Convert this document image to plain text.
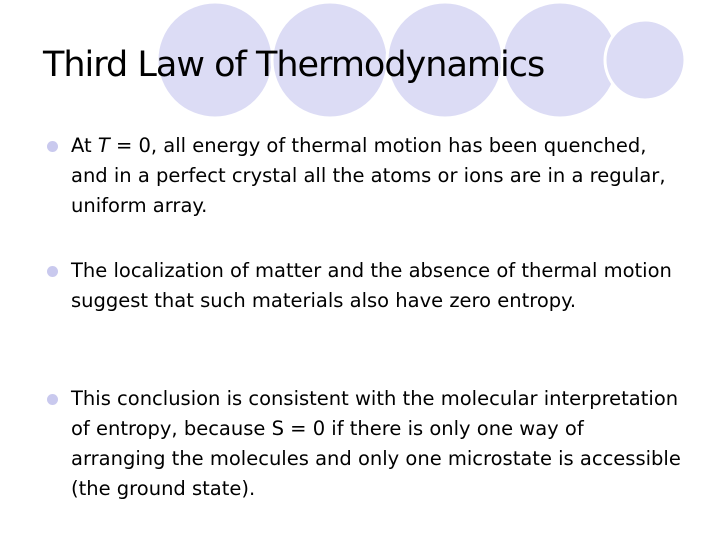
Third Law of Thermodynamics
At T = 0, all energy of thermal motion has been quenched, and in a perfect crystal all the atoms or ions are in a regular, uniform array.
The localization of matter and the absence of thermal motion suggest that such materials also have zero entropy.
This conclusion is consistent with the molecular interpretation of entropy, because S = 0 if there is only one way of arranging the molecules and only one microstate is accessible (the ground state).
